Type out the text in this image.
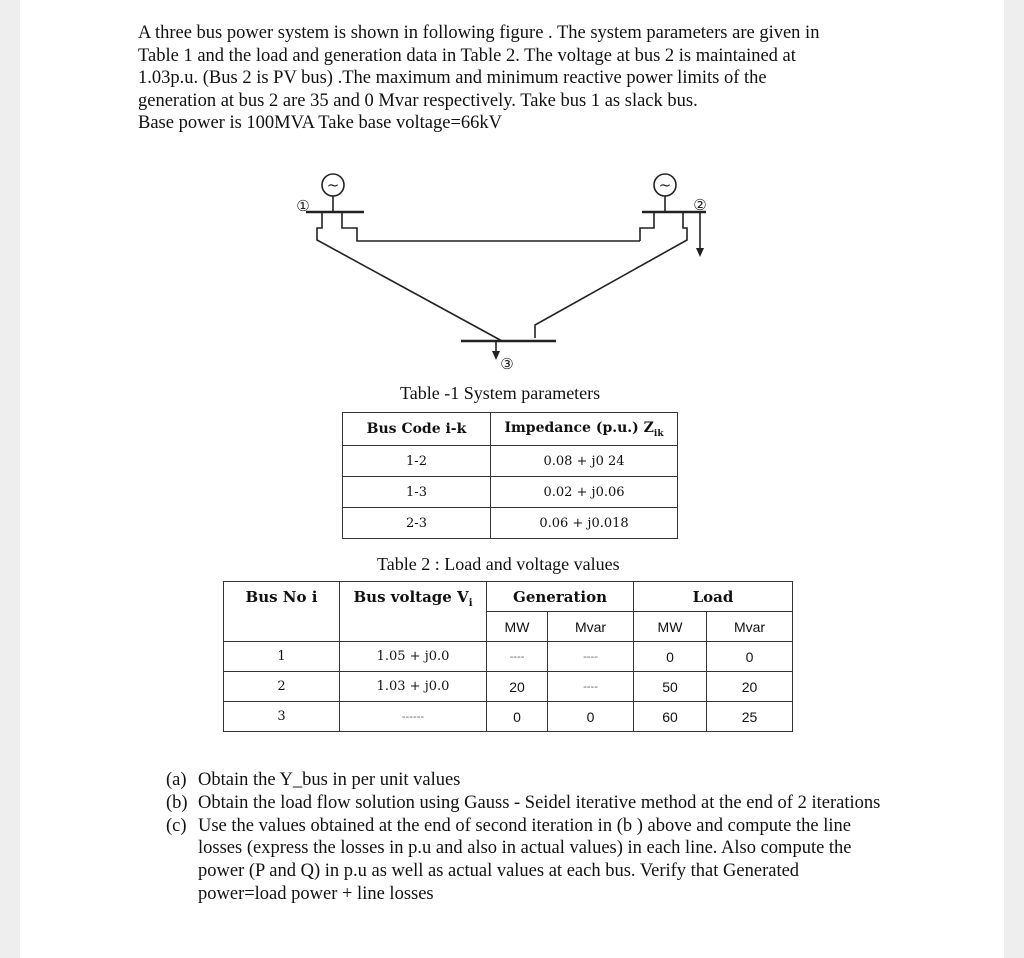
A three bus power system is shown in following figure . The system parameters are given in

Table 1 and the load and generation data in Table 2. The voltage at bus 2 is maintained at

1.03p.u. (Bus 2 is PV bus) .The maximum and minimum reactive power limits of the

generation at bus 2 are 35 and 0 Mvar respectively. Take bus 1 as slack bus.

Base power is 100MVA Take base voltage=66kV

~
①
~
②
③
Table -1 System parameters
Bus Code i-k	Impedance (p.u.) $Z_{ik}$
1-2	0.08 + j0 24
1-3	0.02 + j0.06
2-3	0.06 + j0.018
Table 2 : Load and voltage values
Bus No i	Bus voltage $V_i$	Generation		Load	
		MW	Mvar	MW	Mvar
1	1.05 + j0.0	----	----	0	0
2	1.03 + j0.0	20	----	50	20
3	------	0	0	60	25
(a) Obtain the Y_bus in per unit values
(b) Obtain the load flow solution using Gauss - Seidel iterative method at the end of 2 iterations
(c) Use the values obtained at the end of second iteration in (b ) above and compute the line losses (express the losses in p.u and also in actual values) in each line. Also compute the power (P and Q) in p.u as well as actual values at each bus. Verify that Generated power=load power + line losses
